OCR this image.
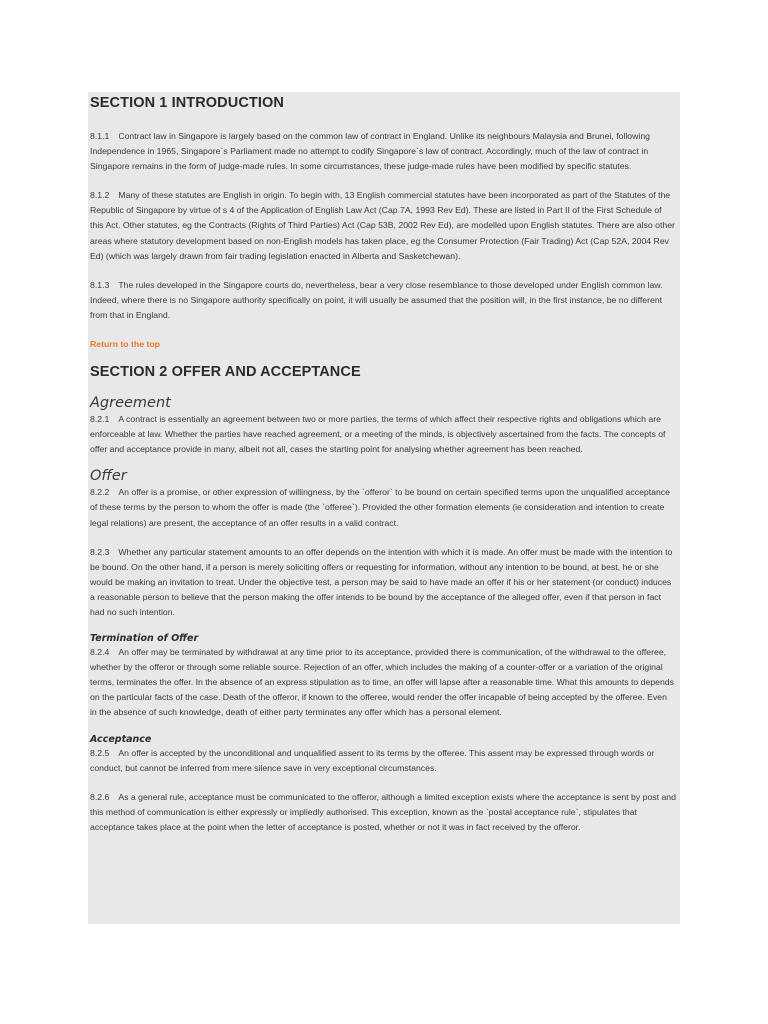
SECTION 1 INTRODUCTION

8.1.1 Contract law in Singapore is largely based on the common law of contract in England. Unlike its neighbours Malaysia and Brunei, following Independence in 1965, Singapore`s Parliament made no attempt to codify Singapore`s law of contract. Accordingly, much of the law of contract in Singapore remains in the form of judge-made rules. In some circumstances, these judge-made rules have been modified by specific statutes.

8.1.2 Many of these statutes are English in origin. To begin with, 13 English commercial statutes have been incorporated as part of the Statutes of the Republic of Singapore by virtue of s 4 of the Application of English Law Act (Cap 7A, 1993 Rev Ed). These are listed in Part II of the First Schedule of this Act. Other statutes, eg the Contracts (Rights of Third Parties) Act (Cap 53B, 2002 Rev Ed), are modelled upon English statutes. There are also other areas where statutory development based on non-English models has taken place, eg the Consumer Protection (Fair Trading) Act (Cap 52A, 2004 Rev Ed) (which was largely drawn from fair trading legislation enacted in Alberta and Sasketchewan).

8.1.3 The rules developed in the Singapore courts do, nevertheless, bear a very close resemblance to those developed under English common law. Indeed, where there is no Singapore authority specifically on point, it will usually be assumed that the position will, in the first instance, be no different from that in England.

Return to the top
SECTION 2 OFFER AND ACCEPTANCE
Agreement

8.2.1 A contract is essentially an agreement between two or more parties, the terms of which affect their respective rights and obligations which are enforceable at law. Whether the parties have reached agreement, or a meeting of the minds, is objectively ascertained from the facts. The concepts of offer and acceptance provide in many, albeit not all, cases the starting point for analysing whether agreement has been reached.

Offer

8.2.2 An offer is a promise, or other expression of willingness, by the `offeror` to be bound on certain specified terms upon the unqualified acceptance of these terms by the person to whom the offer is made (the `offeree`). Provided the other formation elements (ie consideration and intention to create legal relations) are present, the acceptance of an offer results in a valid contract.

8.2.3 Whether any particular statement amounts to an offer depends on the intention with which it is made. An offer must be made with the intention to be bound. On the other hand, if a person is merely soliciting offers or requesting for information, without any intention to be bound, at best, he or she would be making an invitation to treat. Under the objective test, a person may be said to have made an offer if his or her statement (or conduct) induces a reasonable person to believe that the person making the offer intends to be bound by the acceptance of the alleged offer, even if that person in fact had no such intention.

Termination of Offer

8.2.4 An offer may be terminated by withdrawal at any time prior to its acceptance, provided there is communication, of the withdrawal to the offeree, whether by the offeror or through some reliable source. Rejection of an offer, which includes the making of a counter-offer or a variation of the original terms, terminates the offer. In the absence of an express stipulation as to time, an offer will lapse after a reasonable time. What this amounts to depends on the particular facts of the case. Death of the offeror, if known to the offeree, would render the offer incapable of being accepted by the offeree. Even in the absence of such knowledge, death of either party terminates any offer which has a personal element.

Acceptance

8.2.5 An offer is accepted by the unconditional and unqualified assent to its terms by the offeree. This assent may be expressed through words or conduct, but cannot be inferred from mere silence save in very exceptional circumstances.

8.2.6 As a general rule, acceptance must be communicated to the offeror, although a limited exception exists where the acceptance is sent by post and this method of communication is either expressly or impliedly authorised. This exception, known as the `postal acceptance rule`, stipulates that acceptance takes place at the point when the letter of acceptance is posted, whether or not it was in fact received by the offeror.
